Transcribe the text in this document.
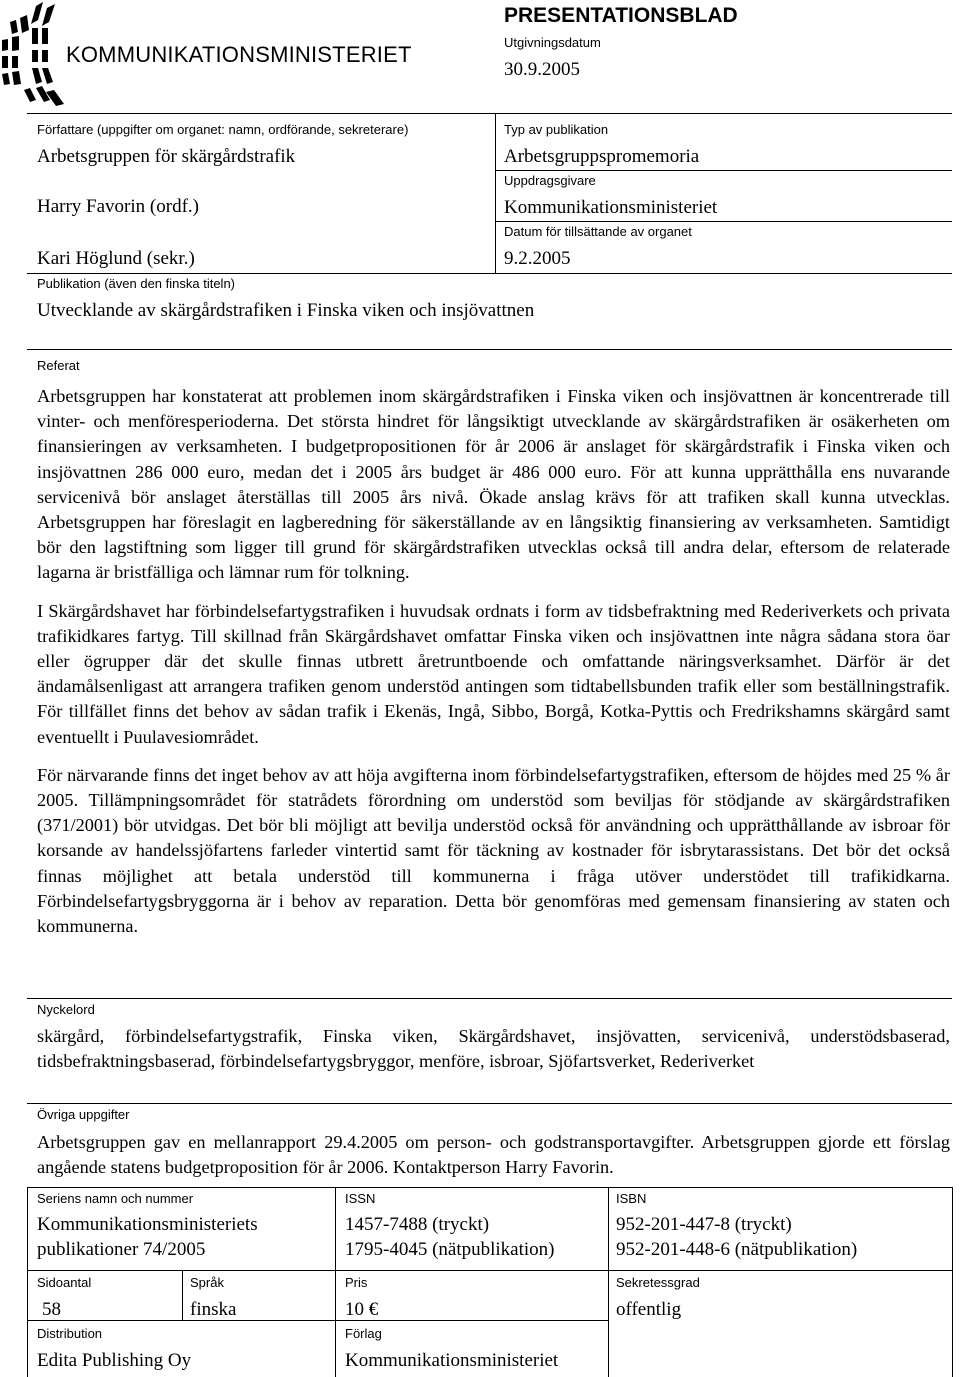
KOMMUNIKATIONSMINISTERIET
PRESENTATIONSBLAD
Utgivningsdatum
30.9.2005
Författare (uppgifter om organet: namn, ordförande, sekreterare)
Arbetsgruppen för skärgårdstrafik
Harry Favorin (ordf.)
Kari Höglund (sekr.)
Typ av publikation
Arbetsgruppspromemoria
Uppdragsgivare
Kommunikationsministeriet
Datum för tillsättande av organet
9.2.2005
Publikation (även den finska titeln)
Utvecklande av skärgårdstrafiken i Finska viken och insjövattnen
Referat

Arbetsgruppen har konstaterat att problemen inom skärgårdstrafiken i Finska viken och insjövattnen är koncentrerade till vinter- och menföresperioderna. Det största hindret för långsiktigt utvecklande av skärgårdstrafiken är osäkerheten om finansieringen av verksamheten. I budgetpropositionen för år 2006 är anslaget för skärgårdstrafik i Finska viken och insjövattnen 286 000 euro, medan det i 2005 års budget är 486 000 euro. För att kunna upprätthålla ens nuvarande servicenivå bör anslaget återställas till 2005 års nivå. Ökade anslag krävs för att trafiken skall kunna utvecklas. Arbetsgruppen har föreslagit en lagberedning för säkerställande av en långsiktig finansiering av verksamheten. Samtidigt bör den lagstiftning som ligger till grund för skärgårdstrafiken utvecklas också till andra delar, eftersom de relaterade lagarna är bristfälliga och lämnar rum för tolkning.

I Skärgårdshavet har förbindelsefartygstrafiken i huvudsak ordnats i form av tidsbefraktning med Rederiverkets och privata trafikidkares fartyg. Till skillnad från Skärgårdshavet omfattar Finska viken och insjövattnen inte några sådana stora öar eller ögrupper där det skulle finnas utbrett åretruntboende och omfattande näringsverksamhet. Därför är det ändamålsenligast att arrangera trafiken genom understöd antingen som tidtabellsbunden trafik eller som beställningstrafik. För tillfället finns det behov av sådan trafik i Ekenäs, Ingå, Sibbo, Borgå, Kotka-Pyttis och Fredrikshamns skärgård samt eventuellt i Puulavesiområdet.

För närvarande finns det inget behov av att höja avgifterna inom förbindelsefartygstrafiken, eftersom de höjdes med 25 % år 2005. Tillämpningsområdet för statrådets förordning om understöd som beviljas för stödjande av skärgårdstrafiken (371/2001) bör utvidgas. Det bör bli möjligt att bevilja understöd också för användning och upprätthållande av isbroar för korsande av handelssjöfartens farleder vintertid samt för täckning av kostnader för isbrytarassistans. Det bör det också finnas möjlighet att betala understöd till kommunerna i fråga utöver understödet till trafikidkarna. Förbindelsefartygsbryggorna är i behov av reparation. Detta bör genomföras med gemensam finansiering av staten och kommunerna.

Nyckelord

skärgård, förbindelsefartygstrafik, Finska viken, Skärgårdshavet, insjövatten, servicenivå, understödsbaserad, tidsbefraktningsbaserad, förbindelsefartygsbryggor, menföre, isbroar, Sjöfartsverket, Rederiverket

Övriga uppgifter

Arbetsgruppen gav en mellanrapport 29.4.2005 om person- och godstransportavgifter. Arbetsgruppen gjorde ett förslag angående statens budgetproposition för år 2006. Kontaktperson Harry Favorin.

Seriens namn och nummer
Kommunikationsministeriets
publikationer 74/2005
ISSN
1457-7488 (tryckt)
1795-4045 (nätpublikation)
ISBN
952-201-447-8 (tryckt)
952-201-448-6 (nätpublikation)
Sidoantal
58
Språk
finska
Pris
10 €
Sekretessgrad
offentlig
Distribution
Edita Publishing Oy
Förlag
Kommunikationsministeriet
